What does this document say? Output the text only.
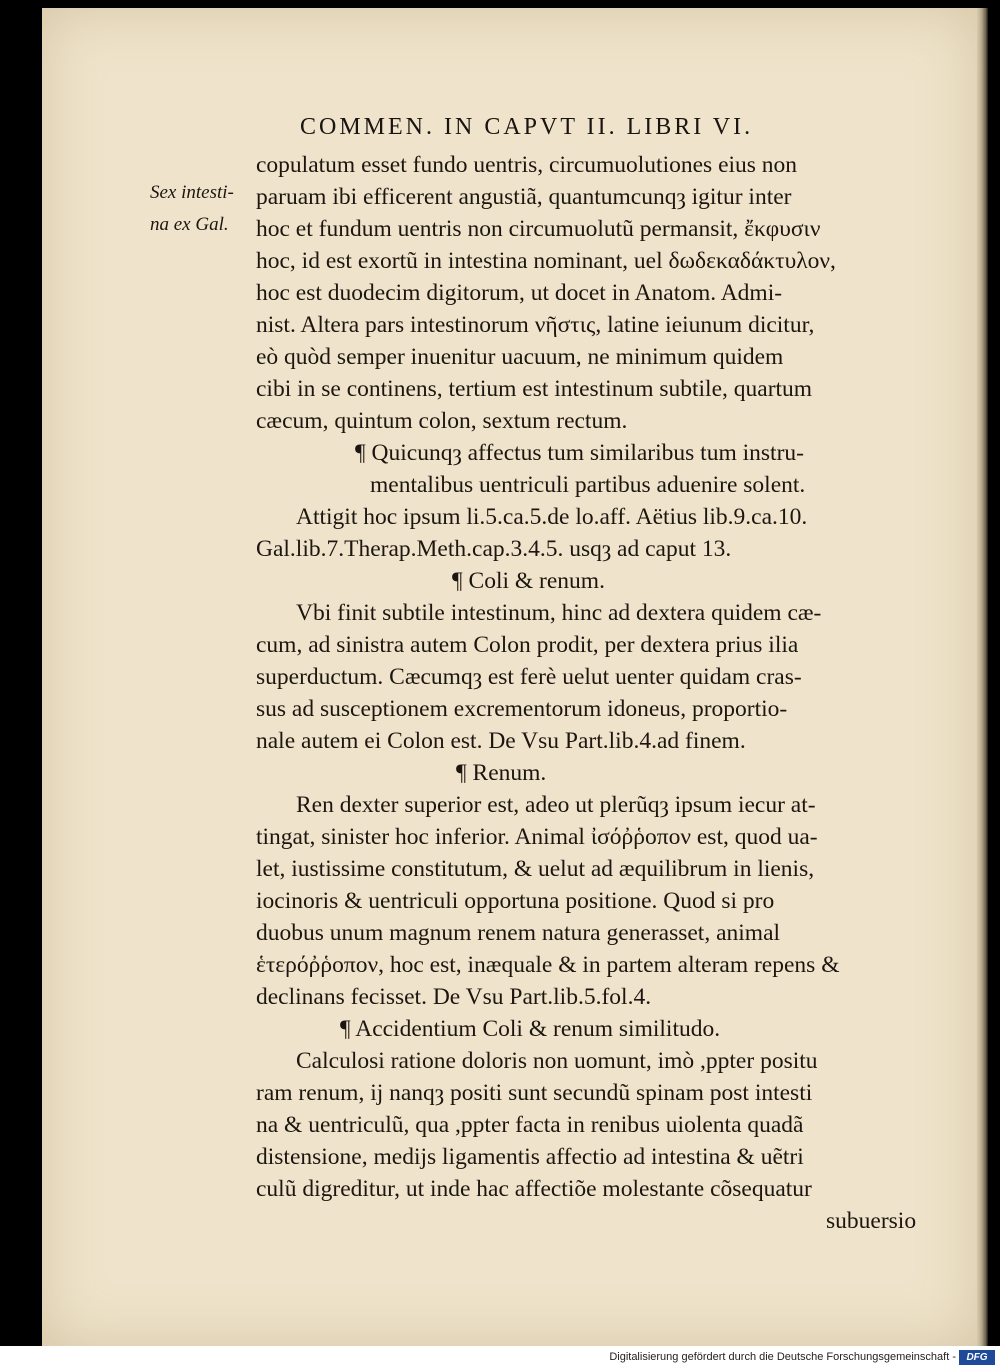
COMMEN. IN CAPVT II. LIBRI VI.
Sex intesti-
na ex Gal.
copulatum esset fundo uentris, circumuolutiones eius non
paruam ibi efficerent angustiã, quantumcunqȝ igitur inter
hoc et fundum uentris non circumuolutũ permansit, ἔκφυσιν
hoc, id est exortũ in intestina nominant, uel δωδεκαδάκτυλον,
hoc est duodecim digitorum, ut docet in Anatom. Admi-
nist. Altera pars intestinorum νῆστις, latine ieiunum dicitur,
eò quòd semper inuenitur uacuum, ne minimum quidem
cibi in se continens, tertium est intestinum subtile, quartum
cæcum, quintum colon, sextum rectum.
¶ Quicunqȝ affectus tum similaribus tum instru-
mentalibus uentriculi partibus aduenire solent.
Attigit hoc ipsum li.5.ca.5.de lo.aff. Aëtius lib.9.ca.10.
Gal.lib.7.Therap.Meth.cap.3.4.5. usqȝ ad caput 13.
¶ Coli & renum.
Vbi finit subtile intestinum, hinc ad dextera quidem cæ-
cum, ad sinistra autem Colon prodit, per dextera prius ilia
superductum. Cæcumqȝ est ferè uelut uenter quidam cras-
sus ad susceptionem excrementorum idoneus, proportio-
nale autem ei Colon est. De Vsu Part.lib.4.ad finem.
¶ Renum.
Ren dexter superior est, adeo ut plerũqȝ ipsum iecur at-
tingat, sinister hoc inferior. Animal ἰσόῤῥοπον est, quod ua-
let, iustissime constitutum, & uelut ad æquilibrum in lienis,
iocinoris & uentriculi opportuna positione. Quod si pro
duobus unum magnum renem natura generasset, animal
ἑτερόῤῥοπον, hoc est, inæquale & in partem alteram repens &
declinans fecisset. De Vsu Part.lib.5.fol.4.
¶ Accidentium Coli & renum similitudo.
Calculosi ratione doloris non uomunt, imò ,ppter positu
ram renum, ij nanqȝ positi sunt secundũ spinam post intesti
na & uentriculũ, qua ,ppter facta in renibus uiolenta quadã
distensione, medijs ligamentis affectio ad intestina & uẽtri
culũ digreditur, ut inde hac affectiõe molestante cõsequatur
subuersio
Digitalisierung gefördert durch die Deutsche Forschungsgemeinschaft -	DFG
